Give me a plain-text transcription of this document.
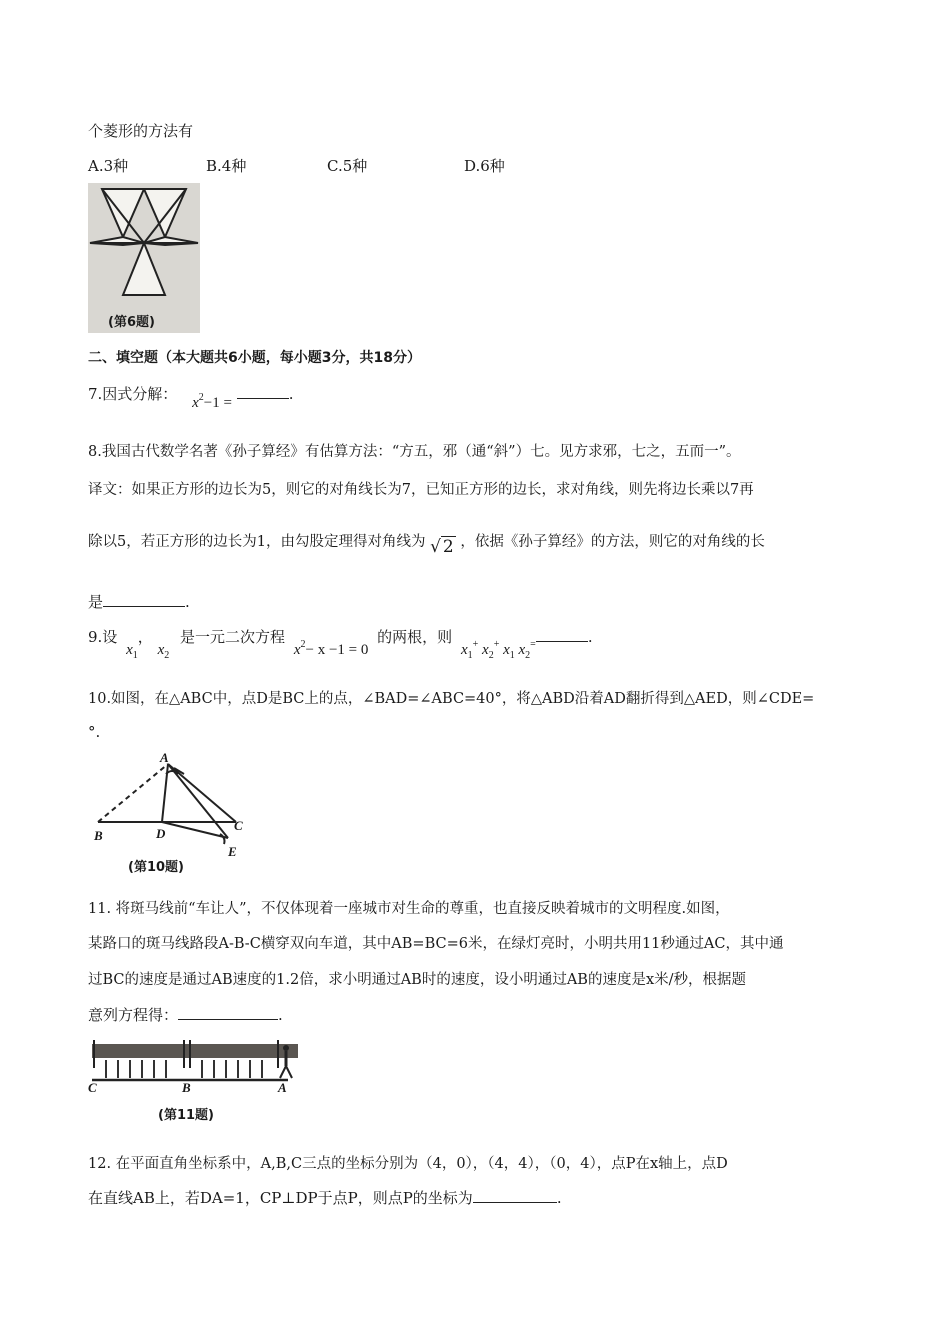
个菱形的方法有
A.3种	B.4种	C.5种	D.6种
(第6题)
二、填空题（本大题共6小题，每小题3分，共18分）
7.因式分解： $x^2-1$ =	.
8.我国古代数学名著《孙子算经》有估算方法：“方五，邪（通“斜”）七。见方求邪，七之，五而一”。
译文：如果正方形的边长为5，则它的对角线长为7，已知正方形的边长，求对角线，则先将边长乘以7再
除以5，若正方形的边长为1，由勾股定理得对角线为 √ 2 ，依据《孙子算经》的方法，则它的对角线的长
是	.
9.设 $x_1$， $x_2$ 是一元二次方程 $x^2- x -1 = 0$ 的两根，则 $x_1^+$ $x_2^+$ $x_1$ $x_2^=$	.
10.如图，在△ABC中，点D是BC上的点，∠BAD=∠ABC=40°，将△ABD沿着AD翻折得到△AED，则∠CDE=
°.
A
B	D
C
E
(第10题)
11. 将斑马线前“车让人”，不仅体现着一座城市对生命的尊重，也直接反映着城市的文明程度.如图，
某路口的斑马线路段A-B-C横穿双向车道，其中AB=BC=6米，在绿灯亮时，小明共用11秒通过AC，其中通
过BC的速度是通过AB速度的1.2倍，求小明通过AB时的速度，设小明通过AB的速度是x米/秒，根据题
意列方程得：	.
C	B	A
(第11题)
12. 在平面直角坐标系中，A,B,C三点的坐标分别为（4，0），（4，4），（0，4），点P在x轴上，点D
在直线AB上，若DA=1，CP⊥DP于点P，则点P的坐标为	.
